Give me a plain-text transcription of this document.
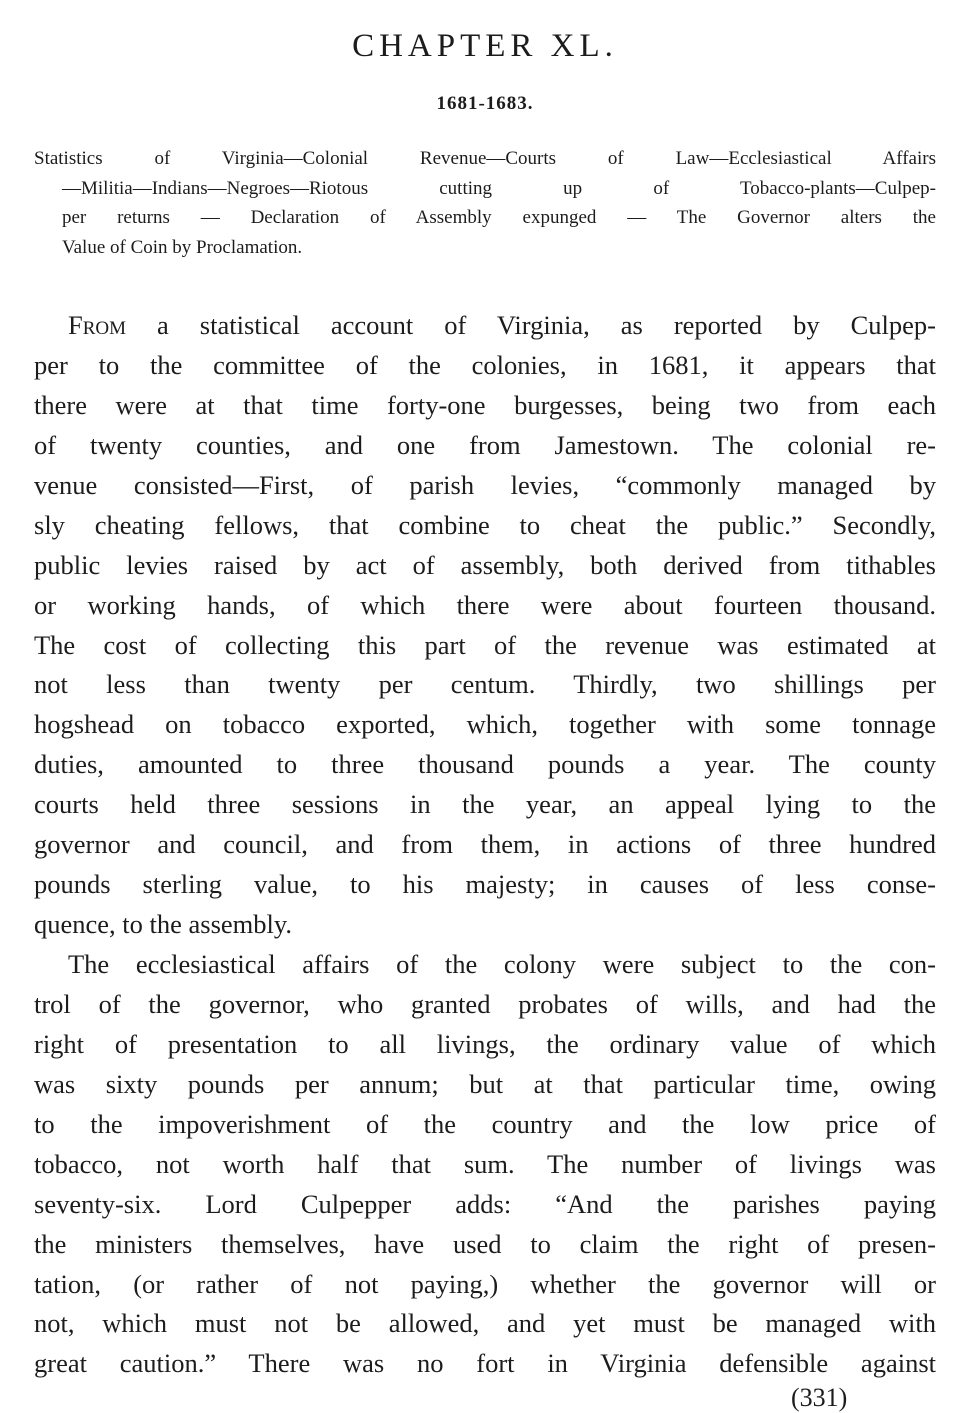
CHAPTER XL.
1681-1683.
Statistics of Virginia—Colonial Revenue—Courts of Law—Ecclesiastical Affairs
—Militia—Indians—Negroes—Riotous cutting up of Tobacco-plants—Culpep-
per returns — Declaration of Assembly expunged — The Governor alters the
Value of Coin by Proclamation.
From a statistical account of Virginia, as reported by Culpep-
per to the committee of the colonies, in 1681, it appears that
there were at that time forty-one burgesses, being two from each
of twenty counties, and one from Jamestown. The colonial re-
venue consisted—First, of parish levies, “commonly managed by
sly cheating fellows, that combine to cheat the public.” Secondly,
public levies raised by act of assembly, both derived from tithables
or working hands, of which there were about fourteen thousand.
The cost of collecting this part of the revenue was estimated at
not less than twenty per centum. Thirdly, two shillings per
hogshead on tobacco exported, which, together with some tonnage
duties, amounted to three thousand pounds a year. The county
courts held three sessions in the year, an appeal lying to the
governor and council, and from them, in actions of three hundred
pounds sterling value, to his majesty; in causes of less conse-
quence, to the assembly.
The ecclesiastical affairs of the colony were subject to the con-
trol of the governor, who granted probates of wills, and had the
right of presentation to all livings, the ordinary value of which
was sixty pounds per annum; but at that particular time, owing
to the impoverishment of the country and the low price of
tobacco, not worth half that sum. The number of livings was
seventy-six. Lord Culpepper adds: “And the parishes paying
the ministers themselves, have used to claim the right of presen-
tation, (or rather of not paying,) whether the governor will or
not, which must not be allowed, and yet must be managed with
great caution.” There was no fort in Virginia defensible against
(331)
